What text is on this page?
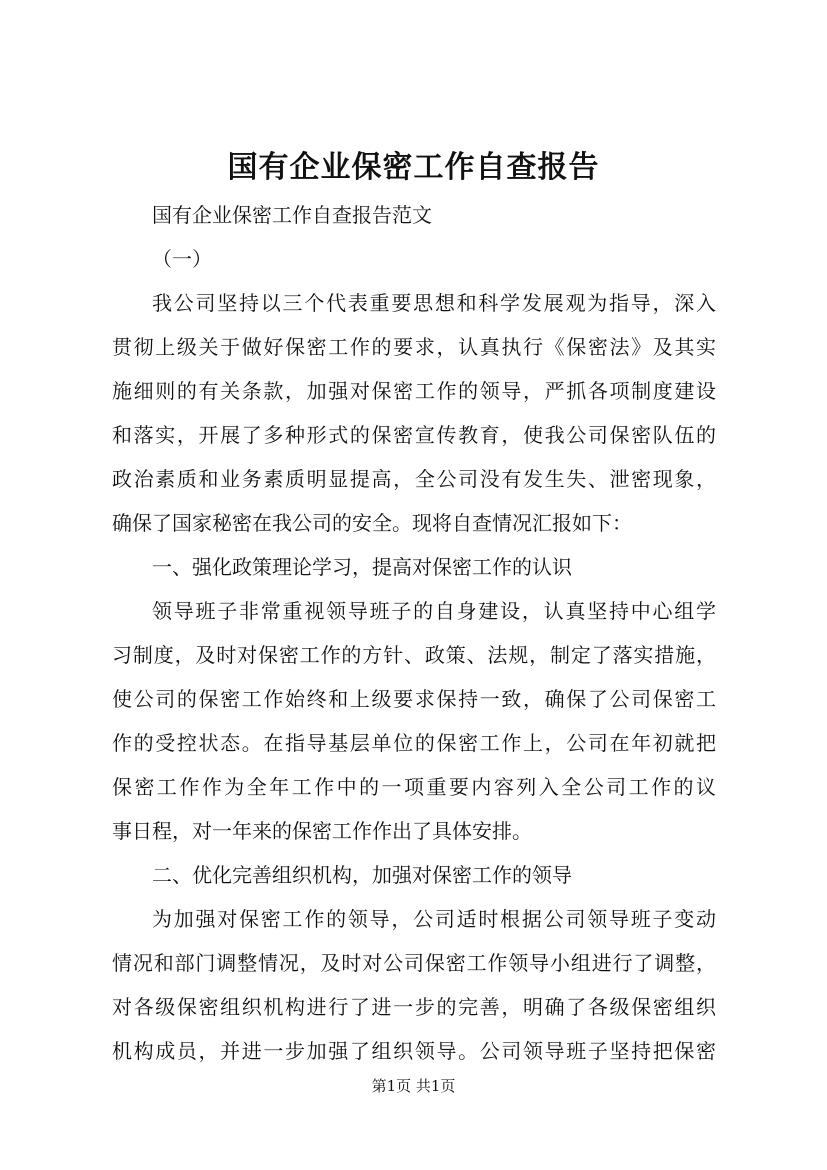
国有企业保密工作自查报告
国有企业保密工作自查报告范文
（一）
我公司坚持以三个代表重要思想和科学发展观为指导，深入
贯彻上级关于做好保密工作的要求，认真执行《保密法》及其实
施细则的有关条款，加强对保密工作的领导，严抓各项制度建设
和落实，开展了多种形式的保密宣传教育，使我公司保密队伍的
政治素质和业务素质明显提高，全公司没有发生失、泄密现象，
确保了国家秘密在我公司的安全。现将自查情况汇报如下：
一、强化政策理论学习，提高对保密工作的认识
领导班子非常重视领导班子的自身建设，认真坚持中心组学
习制度，及时对保密工作的方针、政策、法规，制定了落实措施，
使公司的保密工作始终和上级要求保持一致，确保了公司保密工
作的受控状态。在指导基层单位的保密工作上，公司在年初就把
保密工作作为全年工作中的一项重要内容列入全公司工作的议
事日程，对一年来的保密工作作出了具体安排。
二、优化完善组织机构，加强对保密工作的领导
为加强对保密工作的领导，公司适时根据公司领导班子变动
情况和部门调整情况，及时对公司保密工作领导小组进行了调整，
对各级保密组织机构进行了进一步的完善，明确了各级保密组织
机构成员，并进一步加强了组织领导。公司领导班子坚持把保密
第1页 共1页
